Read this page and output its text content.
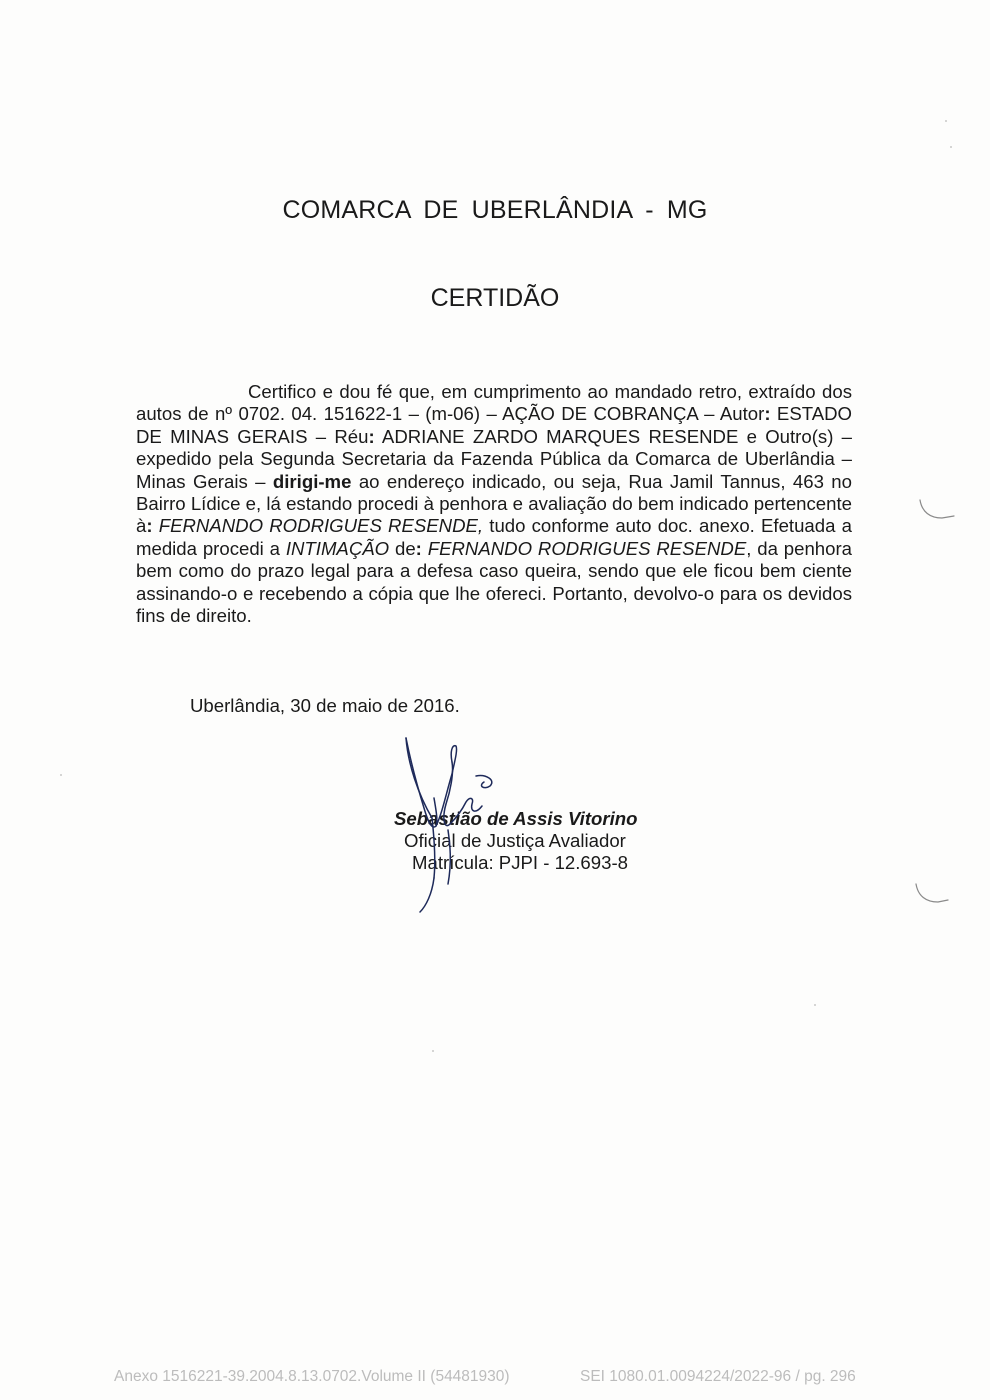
COMARCA DE UBERLÂNDIA - MG
CERTIDÃO

Certifico e dou fé que, em cumprimento ao mandado retro, extraído dos autos de nº 0702. 04. 151622-1 – (m-06) – AÇÃO DE COBRANÇA – Autor: ESTADO DE MINAS GERAIS – Réu: ADRIANE ZARDO MARQUES RESENDE e Outro(s) – expedido pela Segunda Secretaria da Fazenda Pública da Comarca de Uberlândia – Minas Gerais – dirigi-me ao endereço indicado, ou seja, Rua Jamil Tannus, 463 no Bairro Lídice e, lá estando procedi à penhora e avaliação do bem indicado pertencente à: FERNANDO RODRIGUES RESENDE, tudo conforme auto doc. anexo. Efetuada a medida procedi a INTIMAÇÃO de: FERNANDO RODRIGUES RESENDE, da penhora bem como do prazo legal para a defesa caso queira, sendo que ele ficou bem ciente assinando-o e recebendo a cópia que lhe ofereci. Portanto, devolvo-o para os devidos fins de direito.

Uberlândia, 30 de maio de 2016.

Sebastião de Assis Vitorino
Oficial de Justiça Avaliador
Matrícula: PJPI - 12.693-8

Anexo 1516221-39.2004.8.13.0702.Volume II (54481930)	SEI 1080.01.0094224/2022-96 / pg. 296
